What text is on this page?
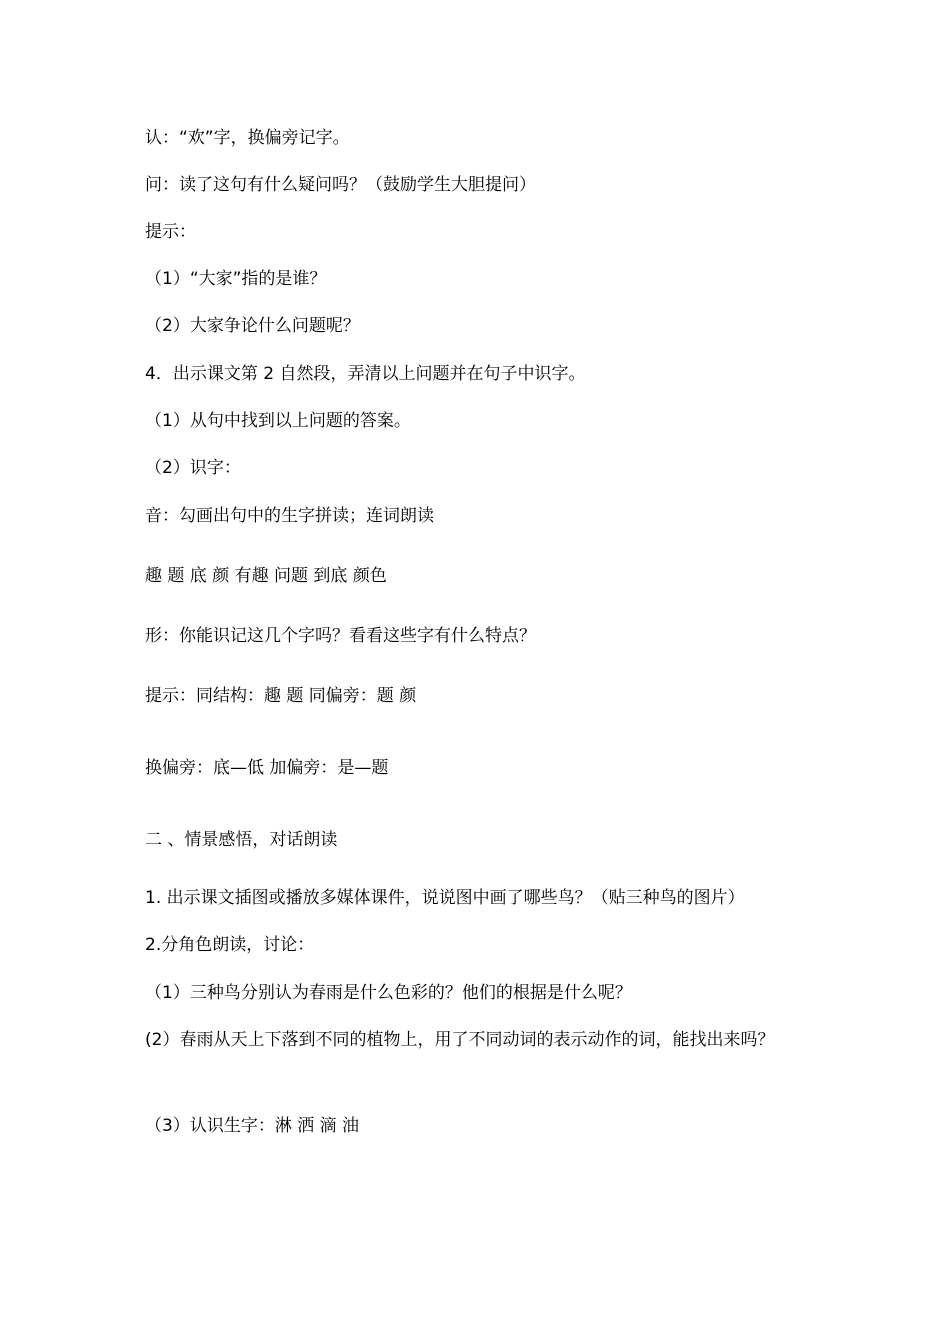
认：“欢”字，换偏旁记字。
问：读了这句有什么疑问吗？（鼓励学生大胆提问）
提示：
（1）“大家”指的是谁？
（2）大家争论什么问题呢？
4．出示课文第 2 自然段，弄清以上问题并在句子中识字。
（1）从句中找到以上问题的答案。
（2）识字：
音：勾画出句中的生字拼读；连词朗读
趣 题 底 颜 有趣 问题 到底 颜色
形：你能识记这几个字吗？看看这些字有什么特点？
提示：同结构：趣 题 同偏旁：题 颜
换偏旁：底—低 加偏旁：是—题
二 、情景感悟，对话朗读
1. 出示课文插图或播放多媒体课件，说说图中画了哪些鸟？（贴三种鸟的图片）
2.分角色朗读，讨论：
（1）三种鸟分别认为春雨是什么色彩的？他们的根据是什么呢？
(2）春雨从天上下落到不同的植物上，用了不同动词的表示动作的词，能找出来吗？
（3）认识生字：淋 洒 滴 油
